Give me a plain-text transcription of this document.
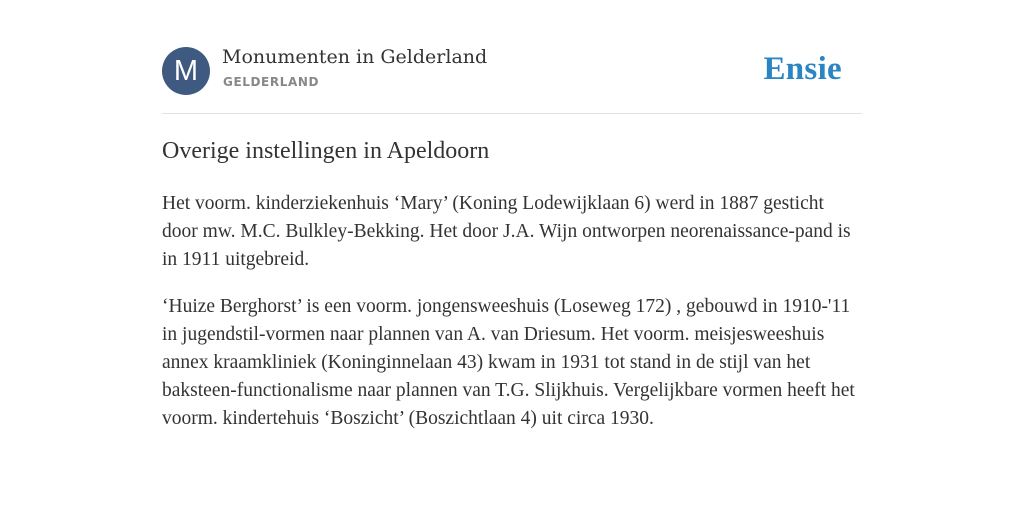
M	Monumenten in Gelderland
GELDERLAND	Ensie
Overige instellingen in Apeldoorn

Het voorm. kinderziekenhuis ‘Mary’ (Koning Lodewijklaan 6) werd in 1887 gesticht door mw. M.C. Bulkley-Bekking. Het door J.A. Wijn ontworpen neorenaissance-pand is in 1911 uitgebreid.

‘Huize Berghorst’ is een voorm. jongensweeshuis (Loseweg 172) , gebouwd in 1910-'11 in jugendstil-vormen naar plannen van A. van Driesum. Het voorm. meisjesweeshuis annex kraamkliniek (Koninginnelaan 43) kwam in 1931 tot stand in de stijl van het baksteen-functionalisme naar plannen van T.G. Slijkhuis. Vergelijkbare vormen heeft het voorm. kindertehuis ‘Boszicht’ (Boszichtlaan 4) uit circa 1930.
